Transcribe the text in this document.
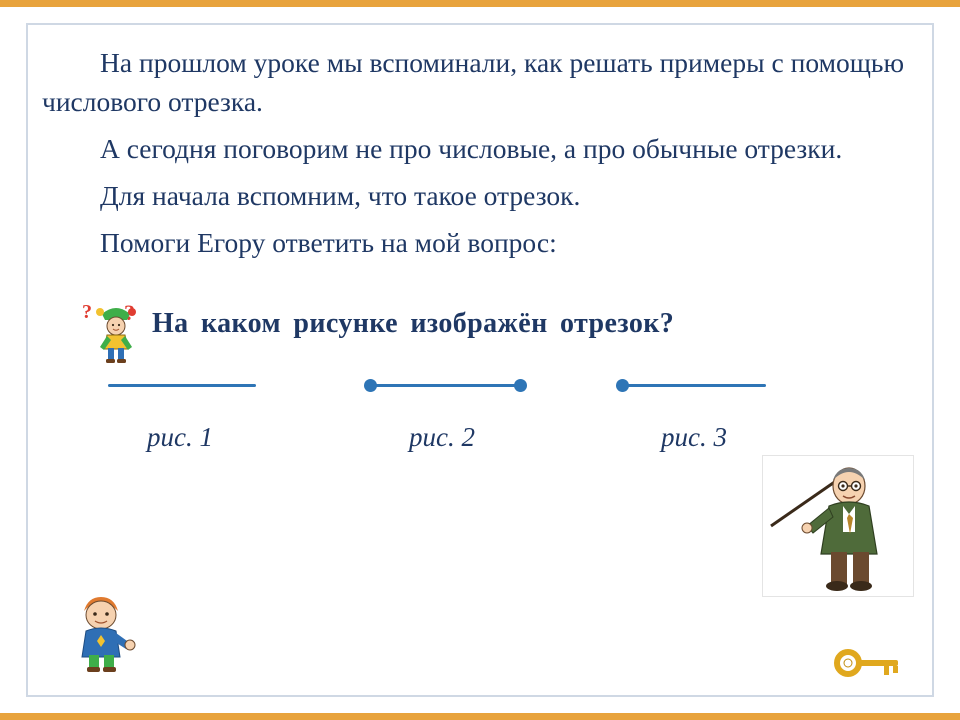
На прошлом уроке мы вспоминали, как решать примеры с помощью числового отрезка.

А сегодня поговорим не про числовые, а про обычные отрезки.

Для начала вспомним, что такое отрезок.

Помоги Егору ответить на мой вопрос:

? На каком рисунке изображён отрезок?
рис. 1	рис. 2	рис. 3
